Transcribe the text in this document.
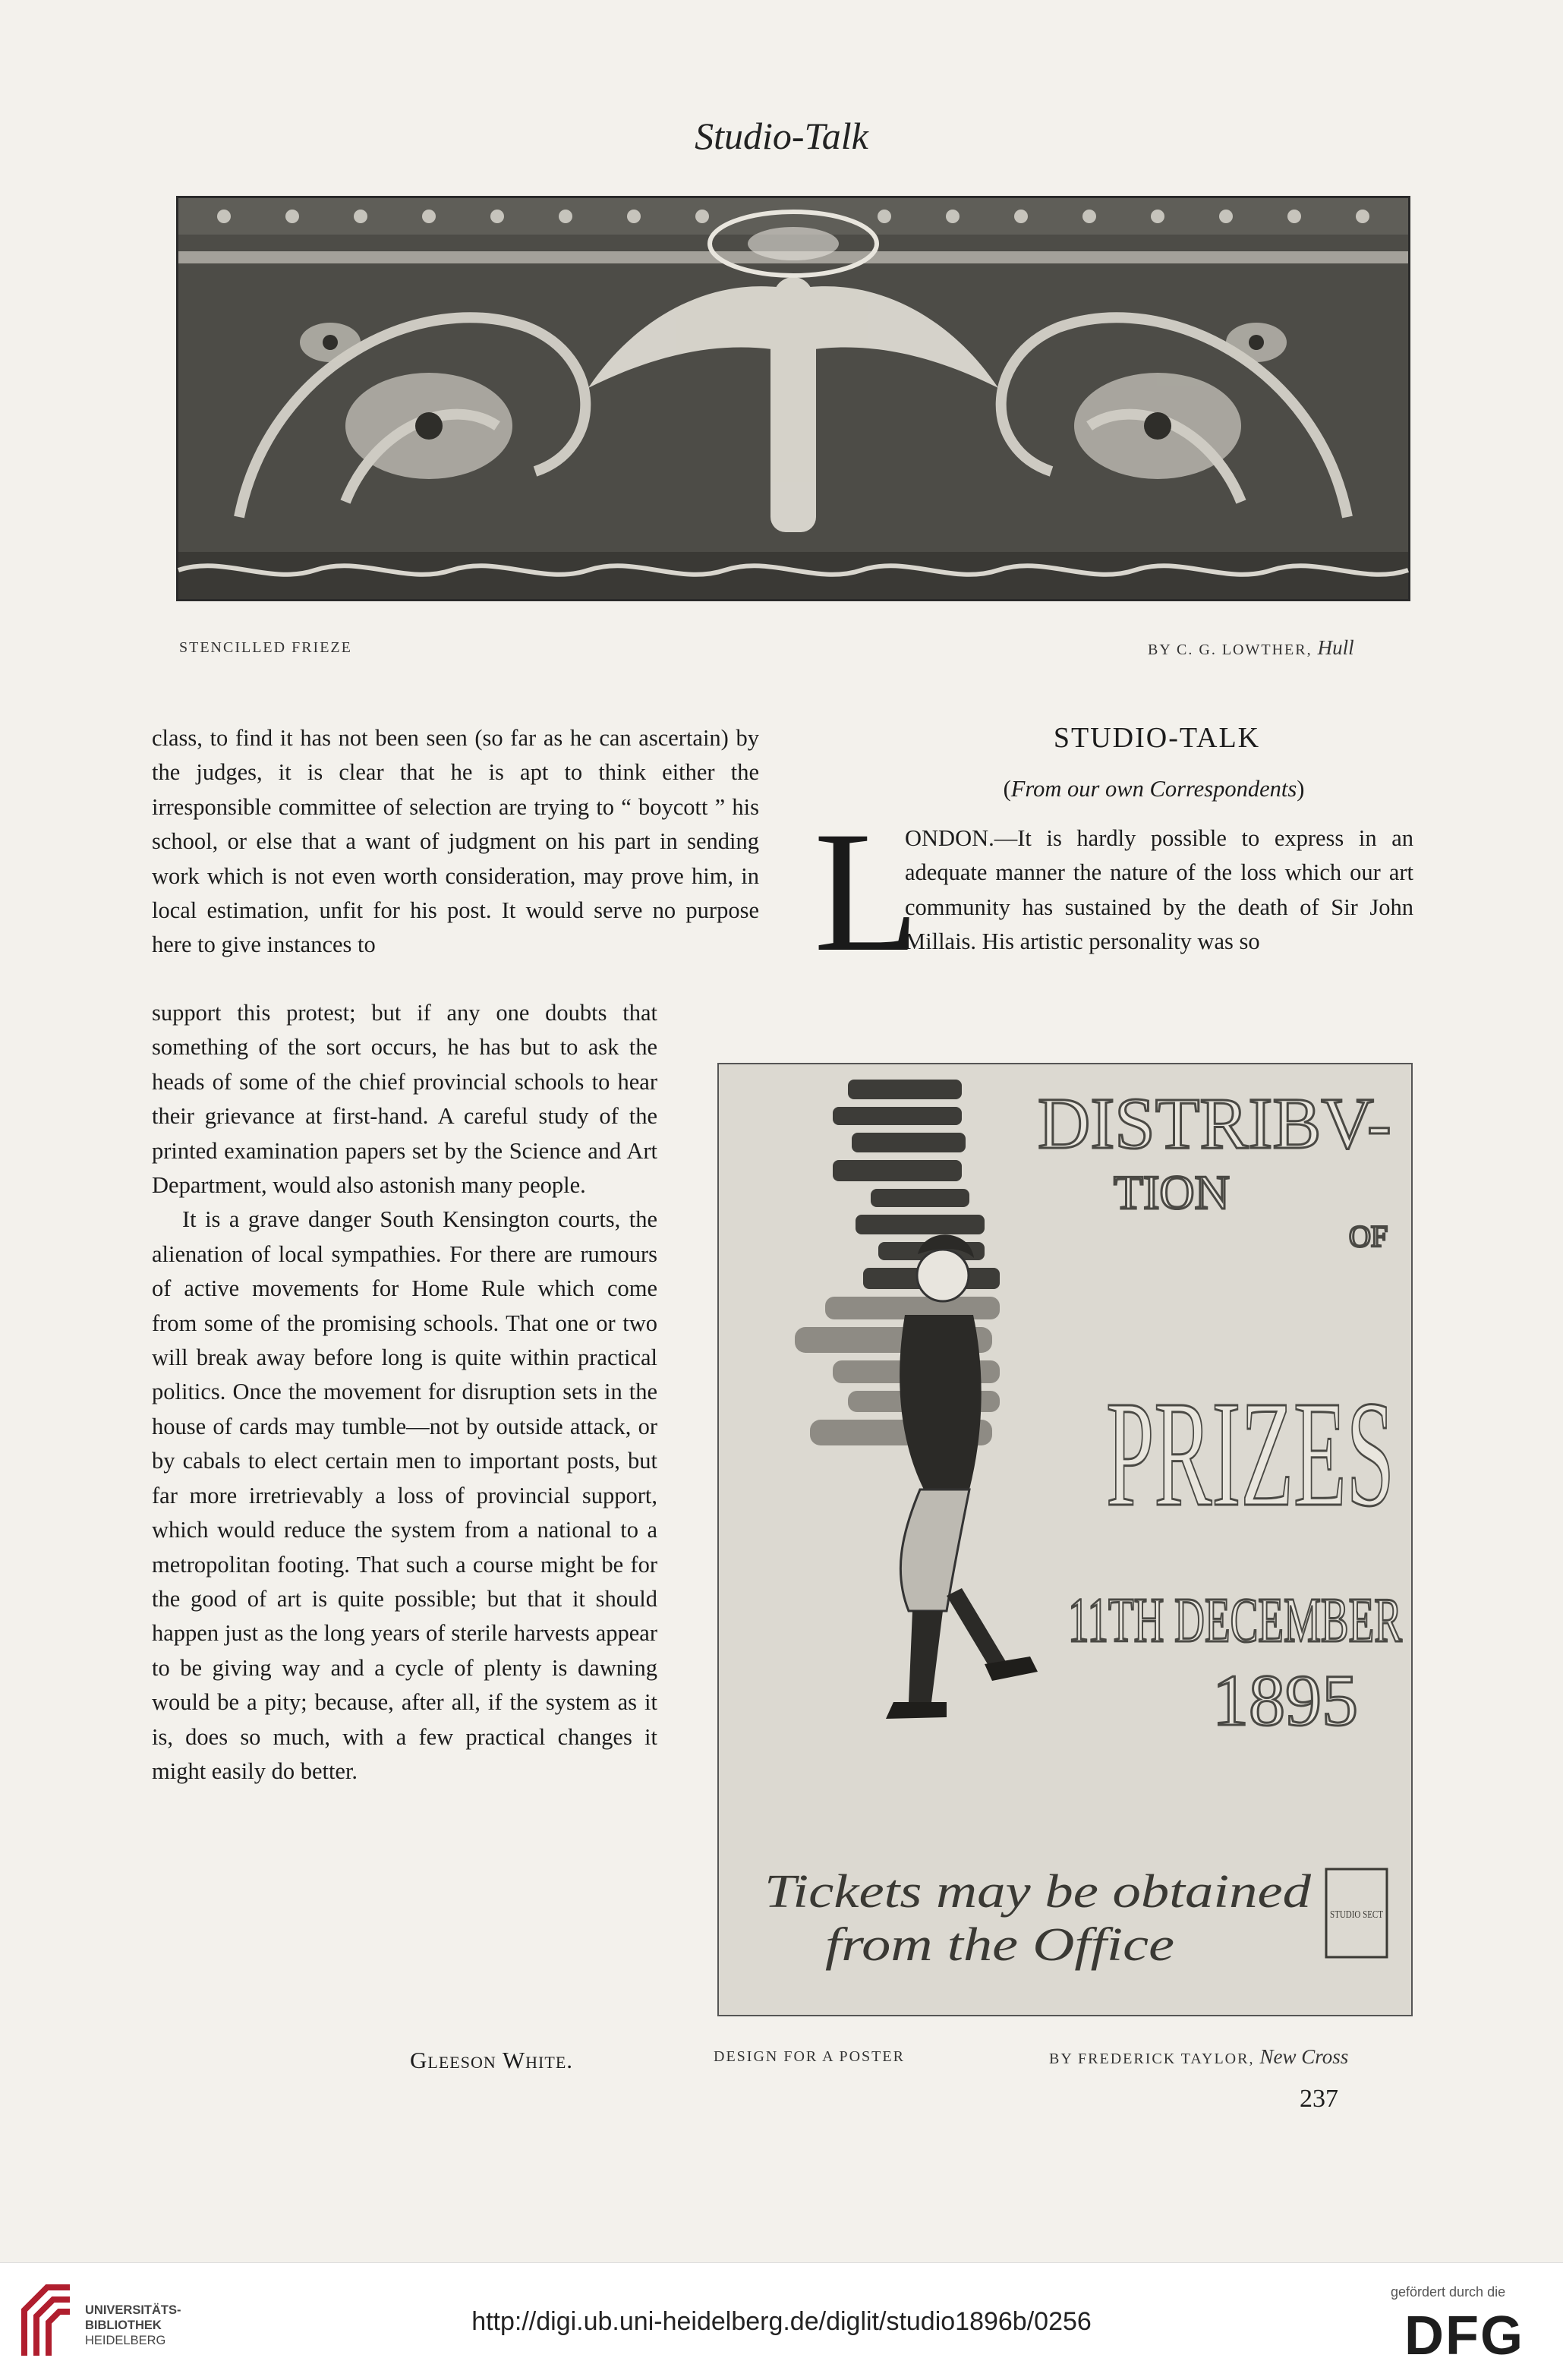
Studio-Talk
STENCILLED FRIEZE	BY C. G. LOWTHER, Hull

class, to find it has not been seen (so far as he can ascertain) by the judges, it is clear that he is apt to think either the irresponsible committee of selection are trying to “ boycott ” his school, or else that a want of judgment on his part in sending work which is not even worth consideration, may prove him, in local estimation, unfit for his post. It would serve no purpose here to give instances to

support this protest; but if any one doubts that something of the sort occurs, he has but to ask the heads of some of the chief provincial schools to hear their grievance at first-hand. A careful study of the printed examination papers set by the Science and Art Department, would also astonish many people.

It is a grave danger South Kensington courts, the alienation of local sympathies. For there are rumours of active movements for Home Rule which come from some of the promising schools. That one or two will break away before long is quite within practical politics. Once the movement for disruption sets in the house of cards may tumble—not by outside attack, or by cabals to elect certain men to important posts, but far more irretrievably a loss of provincial support, which would reduce the system from a national to a metropolitan footing. That such a course might be for the good of art is quite possible; but that it should happen just as the long years of sterile harvests appear to be giving way and a cycle of plenty is dawning would be a pity; because, after all, if the system as it is, does so much, with a few practical changes it might easily do better.

Gleeson White.
STUDIO-TALK
(From our own Correspondents)
L

ONDON.—It is hardly possible to express in an adequate manner the nature of the loss which our art community has sustained by the death of Sir John Millais. His artistic personality was so

DISTRIBV-
TION
OF
PRIZES
11TH DECEMBER
1895
Tickets may be obtained
from the Office
STUDIO SECT
DESIGN FOR A POSTER	BY FREDERICK TAYLOR, New Cross
237
UNIVERSITÄTS-
BIBLIOTHEK
HEIDELBERG
http://digi.ub.uni-heidelberg.de/diglit/studio1896b/0256
gefördert durch die
DFG
